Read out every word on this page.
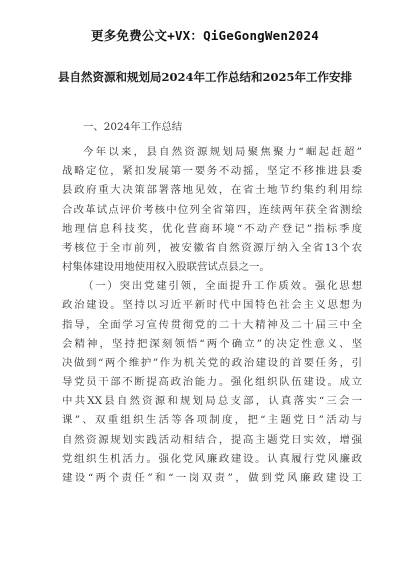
更多免费公文+VX：QiGeGongWen2024
县自然资源和规划局2024年工作总结和2025年工作安排
一、2024年工作总结
今年以来，县自然资源规划局聚焦聚力“崛起赶超”
战略定位，紧扣发展第一要务不动摇，坚定不移推进县委
县政府重大决策部署落地见效，在省土地节约集约利用综
合改革试点评价考核中位列全省第四，连续两年获全省测绘
地理信息科技奖，优化营商环境“不动产登记”指标季度
考核位于全市前列，被安徽省自然资源厅纳入全省13个农
村集体建设用地使用权入股联营试点县之一。
（一）突出党建引领，全面提升工作质效。强化思想
政治建设。坚持以习近平新时代中国特色社会主义思想为
指导，全面学习宣传贯彻党的二十大精神及二十届三中全
会精神，坚持把深刻领悟“两个确立”的决定性意义、坚
决做到“两个维护”作为机关党的政治建设的首要任务，引
导党员干部不断提高政治能力。强化组织队伍建设。成立
中共XX县自然资源和规划局总支部，认真落实“三会一
课”、双重组织生活等各项制度，把“主题党日”活动与
自然资源规划实践活动相结合，提高主题党日实效，增强
党组织生机活力。强化党风廉政建设。认真履行党风廉政
建设“两个责任”和“一岗双责”，做到党风廉政建设工
